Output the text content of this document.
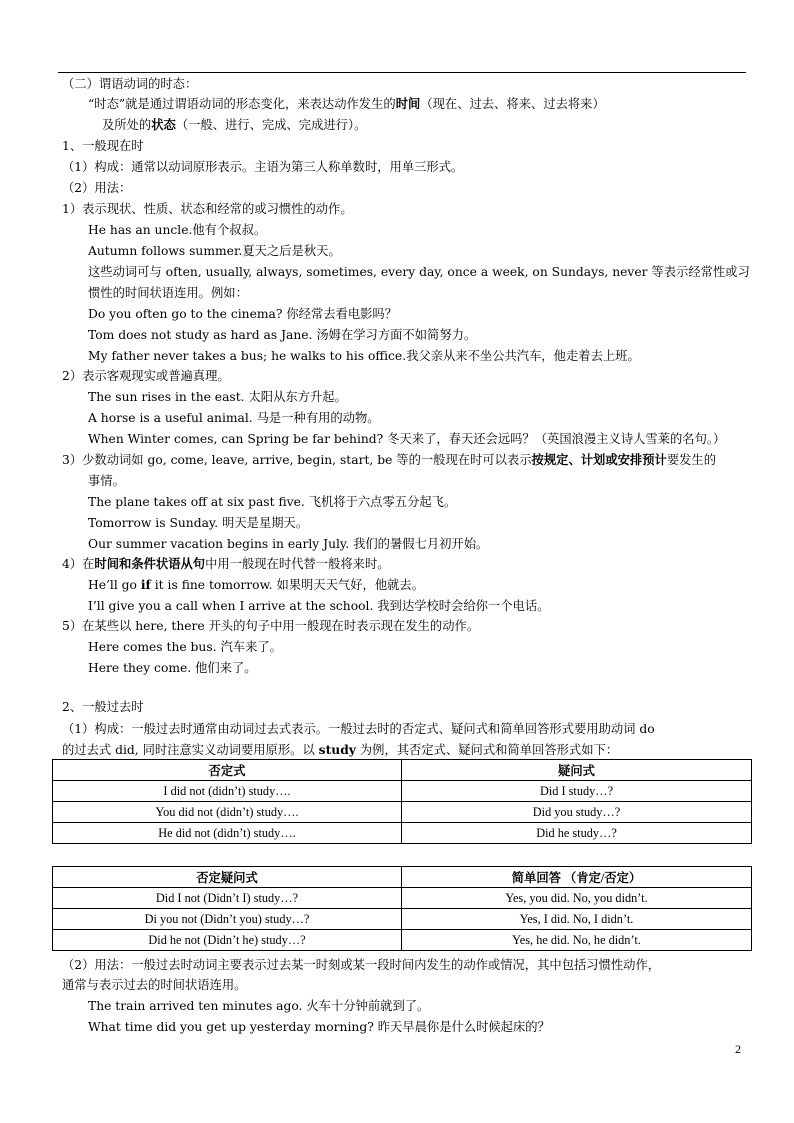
（二）谓语动词的时态：
“时态”就是通过谓语动词的形态变化，来表达动作发生的时间（现在、过去、将来、过去将来）
及所处的状态（一般、进行、完成、完成进行）。
1、一般现在时
（1）构成：通常以动词原形表示。主语为第三人称单数时，用单三形式。
（2）用法：
1）表示现状、性质、状态和经常的或习惯性的动作。
He has an uncle.他有个叔叔。
Autumn follows summer.夏天之后是秋天。
这些动词可与 often, usually, always, sometimes, every day, once a week, on Sundays, never 等表示经常性或习
惯性的时间状语连用。例如：
Do you often go to the cinema? 你经常去看电影吗？
Tom does not study as hard as Jane. 汤姆在学习方面不如简努力。
My father never takes a bus; he walks to his office.我父亲从来不坐公共汽车，他走着去上班。
2）表示客观现实或普遍真理。
The sun rises in the east. 太阳从东方升起。
A horse is a useful animal. 马是一种有用的动物。
When Winter comes, can Spring be far behind? 冬天来了，春天还会远吗？（英国浪漫主义诗人雪莱的名句。）
3）少数动词如 go, come, leave, arrive, begin, start, be 等的一般现在时可以表示按规定、计划或安排预计要发生的
事情。
The plane takes off at six past five. 飞机将于六点零五分起飞。
Tomorrow is Sunday. 明天是星期天。
Our summer vacation begins in early July. 我们的暑假七月初开始。
4）在时间和条件状语从句中用一般现在时代替一般将来时。
He’ll go if it is fine tomorrow. 如果明天天气好，他就去。
I’ll give you a call when I arrive at the school. 我到达学校时会给你一个电话。
5）在某些以 here, there 开头的句子中用一般现在时表示现在发生的动作。
Here comes the bus. 汽车来了。
Here they come. 他们来了。
2、一般过去时
（1）构成：一般过去时通常由动词过去式表示。一般过去时的否定式、疑问式和简单回答形式要用助动词 do
的过去式 did, 同时注意实义动词要用原形。以 study 为例，其否定式、疑问式和简单回答形式如下：
否定式	疑问式
I did not (didn’t) study….	Did I study…?
You did not (didn’t) study….	Did you study…?
He did not (didn’t) study….	Did he study…?
否定疑问式	简单回答 （肯定/否定）
Did I not (Didn’t I) study…?	Yes, you did. No, you didn’t.
Di you not (Didn’t you) study…?	Yes, I did. No, I didn’t.
Did he not (Didn’t he) study…?	Yes, he did. No, he didn’t.
（2）用法：一般过去时动词主要表示过去某一时刻或某一段时间内发生的动作或情况，其中包括习惯性动作，
通常与表示过去的时间状语连用。
The train arrived ten minutes ago. 火车十分钟前就到了。
What time did you get up yesterday morning? 昨天早晨你是什么时候起床的？
2
